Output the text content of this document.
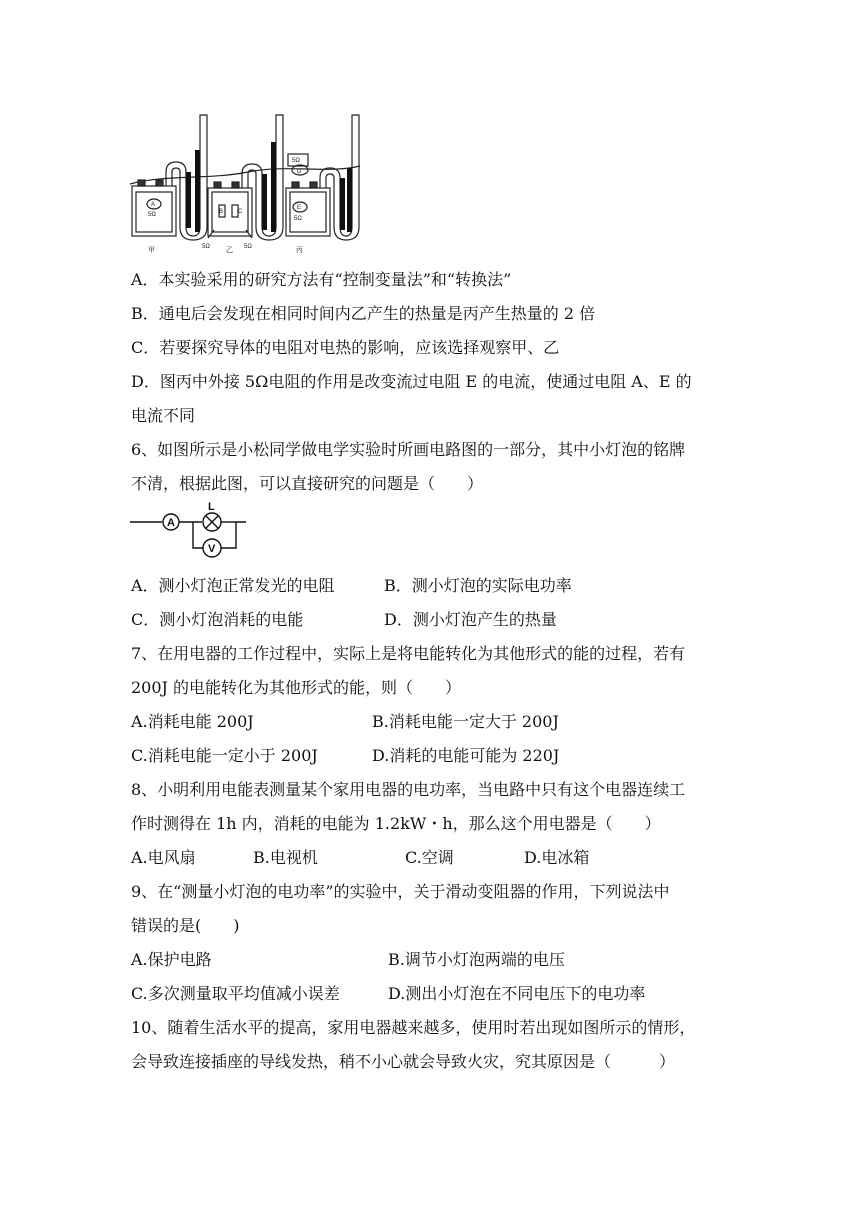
A
5Ω	B C
5Ω	5Ω
5Ω
D
E
5Ω
甲	乙	丙
A．本实验采用的研究方法有“控制变量法”和“转换法”
B．通电后会发现在相同时间内乙产生的热量是丙产生热量的 2 倍
C．若要探究导体的电阻对电热的影响，应该选择观察甲、乙
D．图丙中外接 5Ω电阻的作用是改变流过电阻 E 的电流，使通过电阻 A、E 的
电流不同
6、如图所示是小松同学做电学实验时所画电路图的一部分，其中小灯泡的铭牌
不清，根据此图，可以直接研究的问题是（　　）
A
L
V
A．测小灯泡正常发光的电阻	B．测小灯泡的实际电功率
C．测小灯泡消耗的电能	D．测小灯泡产生的热量
7、在用电器的工作过程中，实际上是将电能转化为其他形式的能的过程，若有
200J 的电能转化为其他形式的能，则（　　）
A.消耗电能 200J	B.消耗电能一定大于 200J
C.消耗电能一定小于 200J	D.消耗的电能可能为 220J
8、小明利用电能表测量某个家用电器的电功率，当电路中只有这个电器连续工
作时测得在 1h 内，消耗的电能为 1.2kW・h，那么这个用电器是（　　）
A.电风扇	B.电视机	C.空调	D.电冰箱
9、在“测量小灯泡的电功率”的实验中，关于滑动变阻器的作用，下列说法中
错误的是(　　)
A.保护电路	B.调节小灯泡两端的电压
C.多次测量取平均值减小误差	D.测出小灯泡在不同电压下的电功率
10、随着生活水平的提高，家用电器越来越多，使用时若出现如图所示的情形，
会导致连接插座的导线发热，稍不小心就会导致火灾，究其原因是（　　　）
